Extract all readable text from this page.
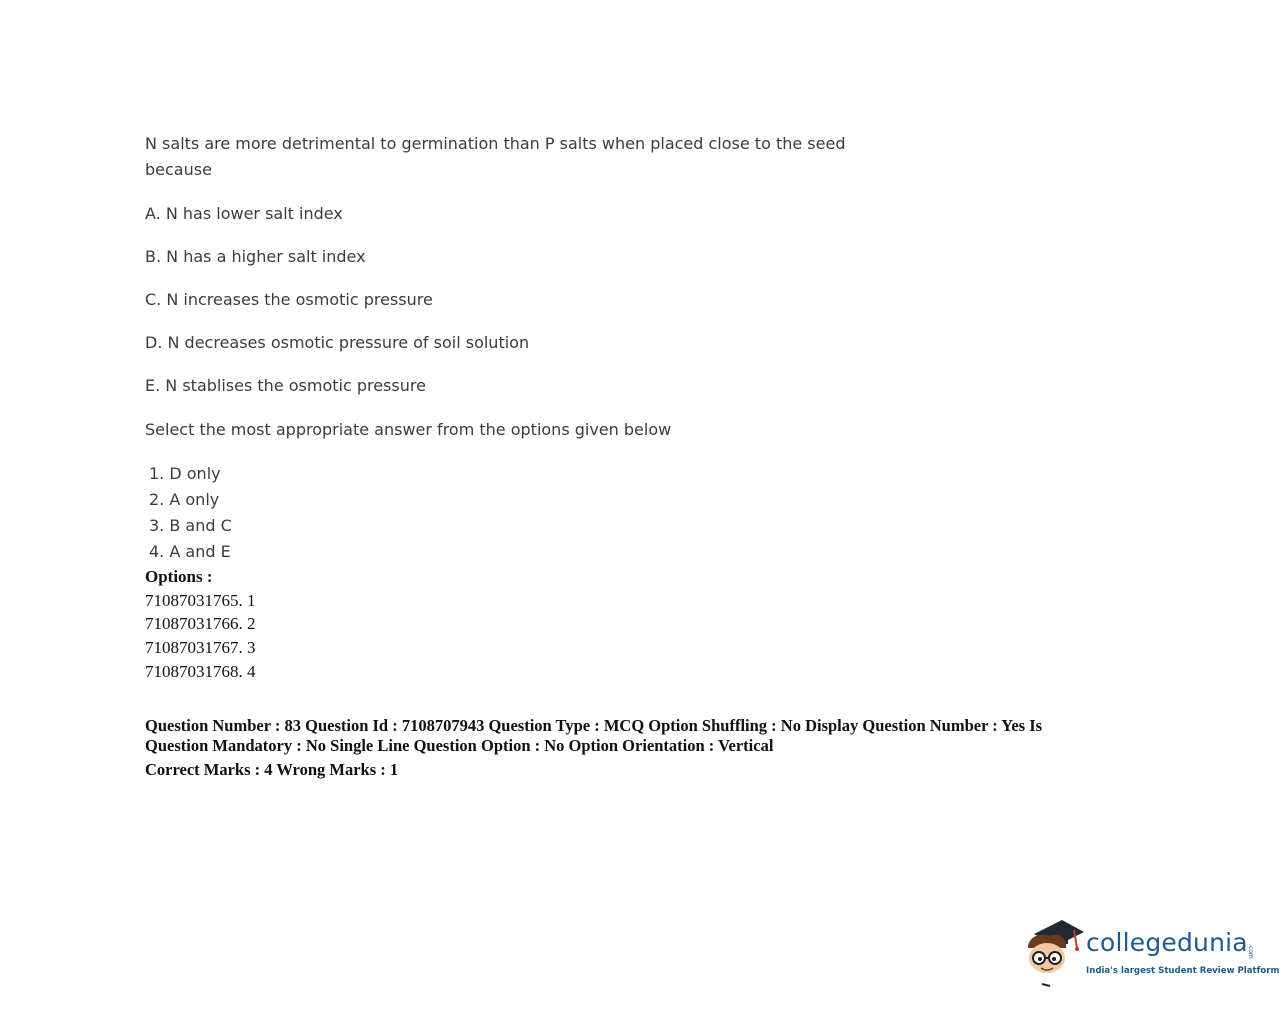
N salts are more detrimental to germination than P salts when placed close to the seed
because
A. N has lower salt index
B. N has a higher salt index
C. N increases the osmotic pressure
D. N decreases osmotic pressure of soil solution
E. N stablises the osmotic pressure
Select the most appropriate answer from the options given below
1. D only
2. A only
3. B and C
4. A and E
Options :
71087031765. 1
71087031766. 2
71087031767. 3
71087031768. 4
Question Number : 83 Question Id : 7108707943 Question Type : MCQ Option Shuffling : No Display Question Number : Yes Is
Question Mandatory : No Single Line Question Option : No Option Orientation : Vertical
Correct Marks : 4 Wrong Marks : 1
collegedunia .com
India's largest Student Review Platform
